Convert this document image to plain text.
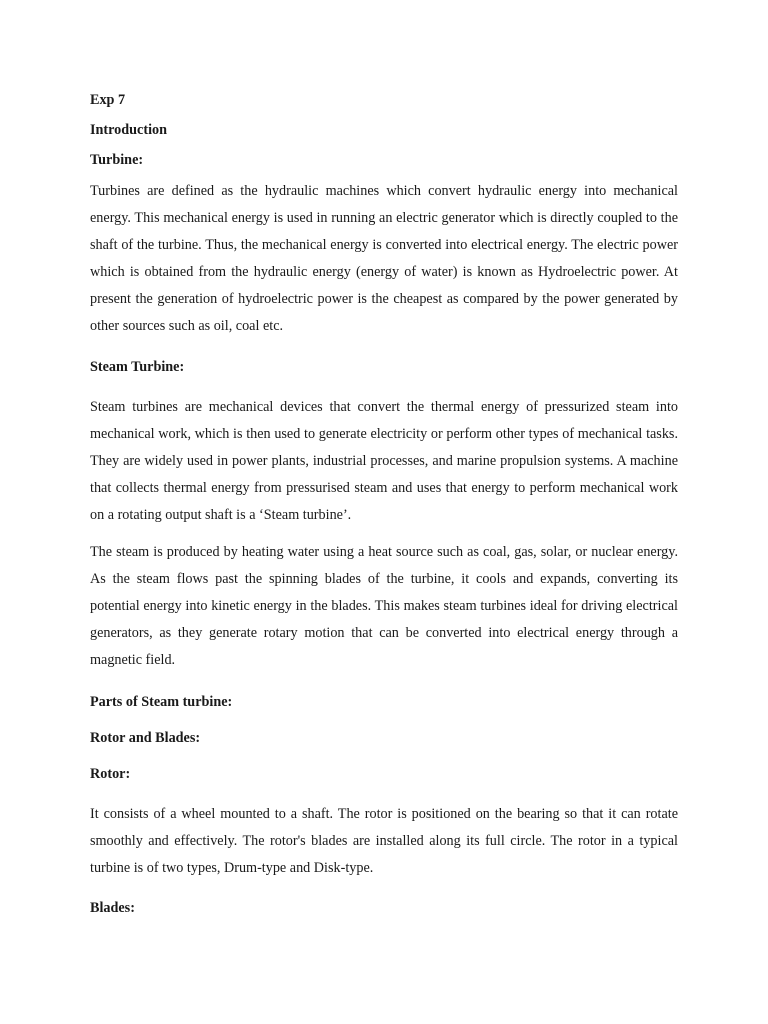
Exp 7

Introduction

Turbine:

Turbines are defined as the hydraulic machines which convert hydraulic energy into mechanical energy. This mechanical energy is used in running an electric generator which is directly coupled to the shaft of the turbine. Thus, the mechanical energy is converted into electrical energy. The electric power which is obtained from the hydraulic energy (energy of water) is known as Hydroelectric power. At present the generation of hydroelectric power is the cheapest as compared by the power generated by other sources such as oil, coal etc.

Steam Turbine:

Steam turbines are mechanical devices that convert the thermal energy of pressurized steam into mechanical work, which is then used to generate electricity or perform other types of mechanical tasks. They are widely used in power plants, industrial processes, and marine propulsion systems. A machine that collects thermal energy from pressurised steam and uses that energy to perform mechanical work on a rotating output shaft is a ‘Steam turbine’.

The steam is produced by heating water using a heat source such as coal, gas, solar, or nuclear energy. As the steam flows past the spinning blades of the turbine, it cools and expands, converting its potential energy into kinetic energy in the blades. This makes steam turbines ideal for driving electrical generators, as they generate rotary motion that can be converted into electrical energy through a magnetic field.

Parts of Steam turbine:

Rotor and Blades:

Rotor:

It consists of a wheel mounted to a shaft. The rotor is positioned on the bearing so that it can rotate smoothly and effectively. The rotor's blades are installed along its full circle. The rotor in a typical turbine is of two types, Drum-type and Disk-type.

Blades:
